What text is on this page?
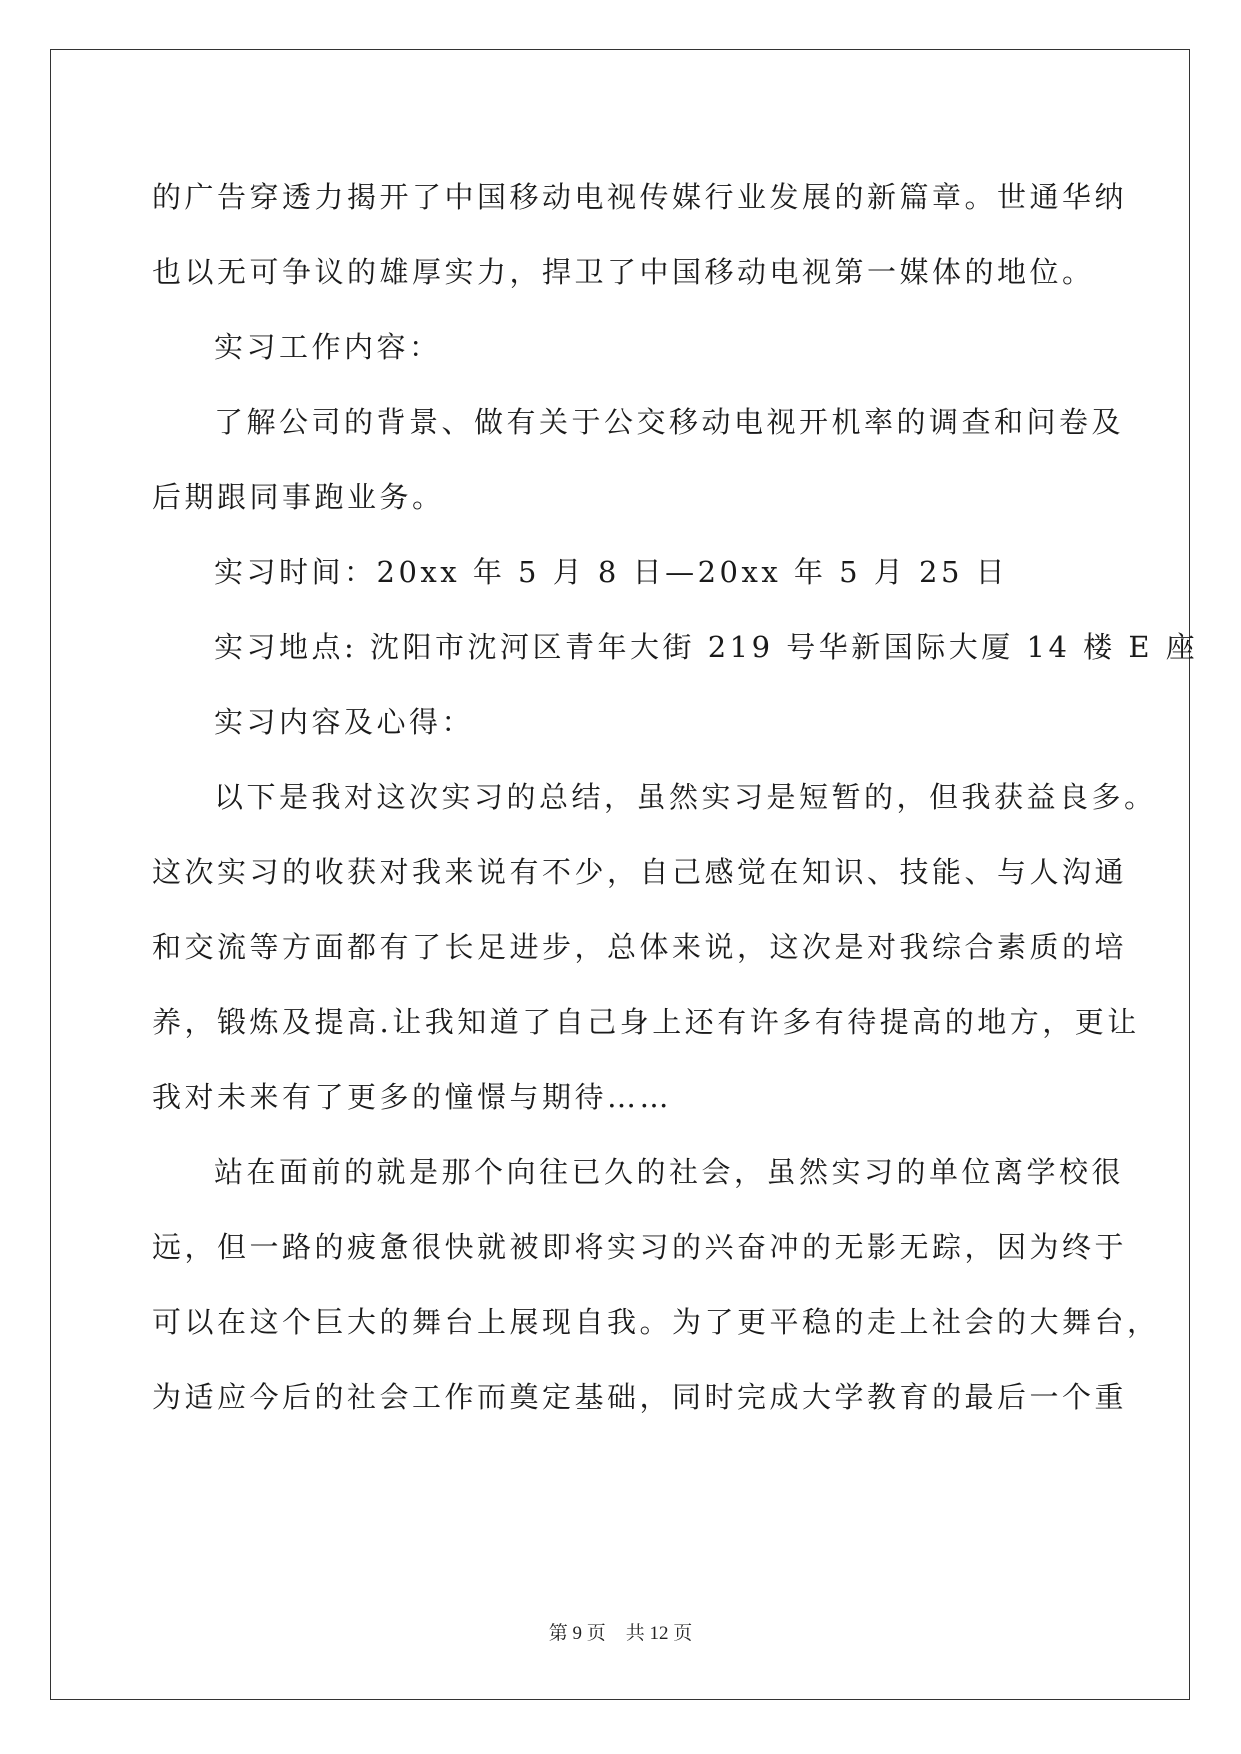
的广告穿透力揭开了中国移动电视传媒行业发展的新篇章。世通华纳
也以无可争议的雄厚实力，捍卫了中国移动电视第一媒体的地位。
实习工作内容：
了解公司的背景、做有关于公交移动电视开机率的调查和问卷及
后期跟同事跑业务。
实习时间：20xx 年 5 月 8 日—20xx 年 5 月 25 日
实习地点: 沈阳市沈河区青年大街 219 号华新国际大厦 14 楼 E 座
实习内容及心得：
以下是我对这次实习的总结，虽然实习是短暂的，但我获益良多。
这次实习的收获对我来说有不少，自己感觉在知识、技能、与人沟通
和交流等方面都有了长足进步，总体来说，这次是对我综合素质的培
养，锻炼及提高.让我知道了自己身上还有许多有待提高的地方，更让
我对未来有了更多的憧憬与期待……
站在面前的就是那个向往已久的社会，虽然实习的单位离学校很
远，但一路的疲惫很快就被即将实习的兴奋冲的无影无踪，因为终于
可以在这个巨大的舞台上展现自我。为了更平稳的走上社会的大舞台，
为适应今后的社会工作而奠定基础，同时完成大学教育的最后一个重
第 9 页 共 12 页
